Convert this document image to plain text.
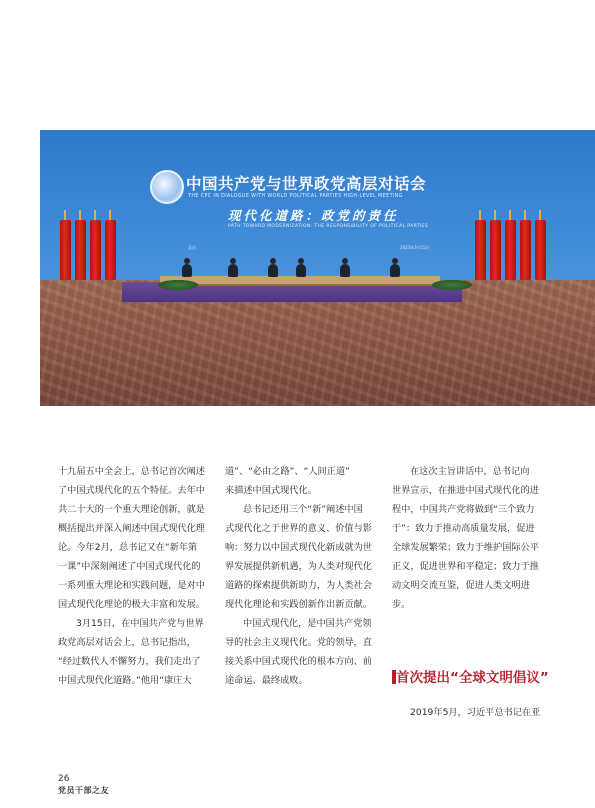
中国共产党与世界政党高层对话会
THE CPC IN DIALOGUE WITH WORLD POLITICAL PARTIES HIGH-LEVEL MEETING
现代化道路：政党的责任
PATH TOWARD MODERNIZATION: THE RESPONSIBILITY OF POLITICAL PARTIES
北京	2023年3月15日
十九届五中全会上，总书记首次阐述
了中国式现代化的五个特征。去年中
共二十大的一个重大理论创新，就是
概括提出并深入阐述中国式现代化理
论。今年2月，总书记又在“新年第
一课”中深刻阐述了中国式现代化的
一系列重大理论和实践问题，是对中
国式现代化理论的极大丰富和发展。
3月15日，在中国共产党与世界
政党高层对话会上，总书记指出，
“经过数代人不懈努力，我们走出了
中国式现代化道路。”他用“康庄大
道”、“必由之路”、“人间正道”
来描述中国式现代化。
总书记还用三个“新”阐述中国
式现代化之于世界的意义、价值与影
响：努力以中国式现代化新成就为世
界发展提供新机遇，为人类对现代化
道路的探索提供新助力，为人类社会
现代化理论和实践创新作出新贡献。
中国式现代化，是中国共产党领
导的社会主义现代化。党的领导，直
接关系中国式现代化的根本方向、前
途命运、最终成败。
在这次主旨讲话中，总书记向
世界宣示，在推进中国式现代化的进
程中，中国共产党将做到“三个致力
于”：致力于推动高质量发展，促进
全球发展繁荣；致力于维护国际公平
正义，促进世界和平稳定；致力于推
动文明交流互鉴，促进人类文明进
步。
首次提出“全球文明倡议”
2019年5月，习近平总书记在亚
26
党员干部之友
